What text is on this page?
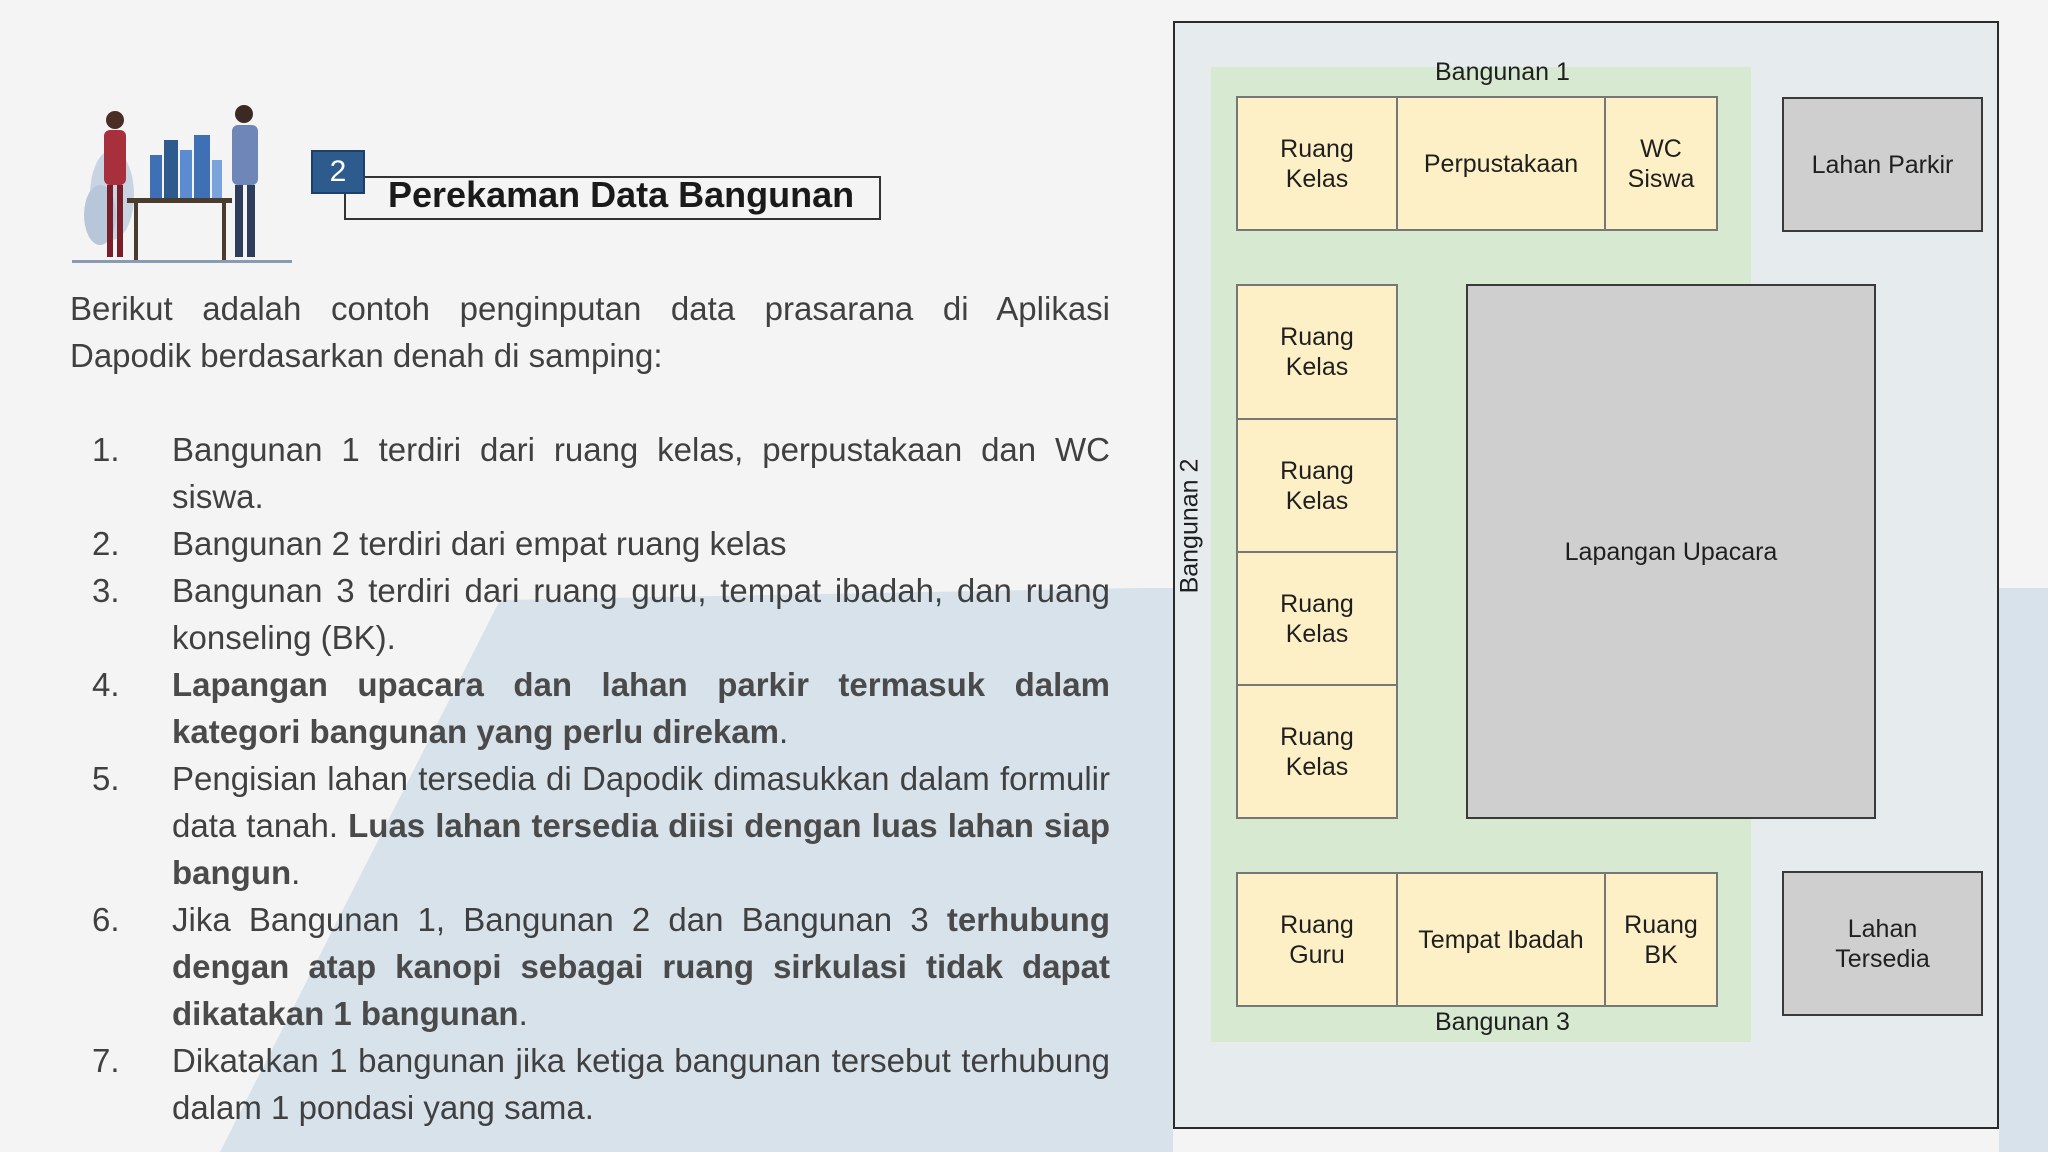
2
Perekaman Data Bangunan
Berikut adalah contoh penginputan data prasarana di Aplikasi
Dapodik berdasarkan denah di samping:
1. Bangunan 1 terdiri dari ruang kelas, perpustakaan dan WC siswa.
2. Bangunan 2 terdiri dari empat ruang kelas
3. Bangunan 3 terdiri dari ruang guru, tempat ibadah, dan ruang konseling (BK).
4. Lapangan upacara dan lahan parkir termasuk dalam kategori bangunan yang perlu direkam.
5. Pengisian lahan tersedia di Dapodik dimasukkan dalam formulir data tanah. Luas lahan tersedia diisi dengan luas lahan siap bangun.
6. Jika Bangunan 1, Bangunan 2 dan Bangunan 3 terhubung dengan atap kanopi sebagai ruang sirkulasi tidak dapat dikatakan 1 bangunan.
7. Dikatakan 1 bangunan jika ketiga bangunan tersebut terhubung dalam 1 pondasi yang sama.
Bangunan 1
Bangunan 2
Bangunan 3
Ruang
Kelas
Perpustakaan
WC
Siswa
Ruang
Kelas
Ruang
Kelas
Ruang
Kelas
Ruang
Kelas
Ruang
Guru
Tempat Ibadah
Ruang
BK
Lahan Parkir
Lapangan Upacara
Lahan
Tersedia
